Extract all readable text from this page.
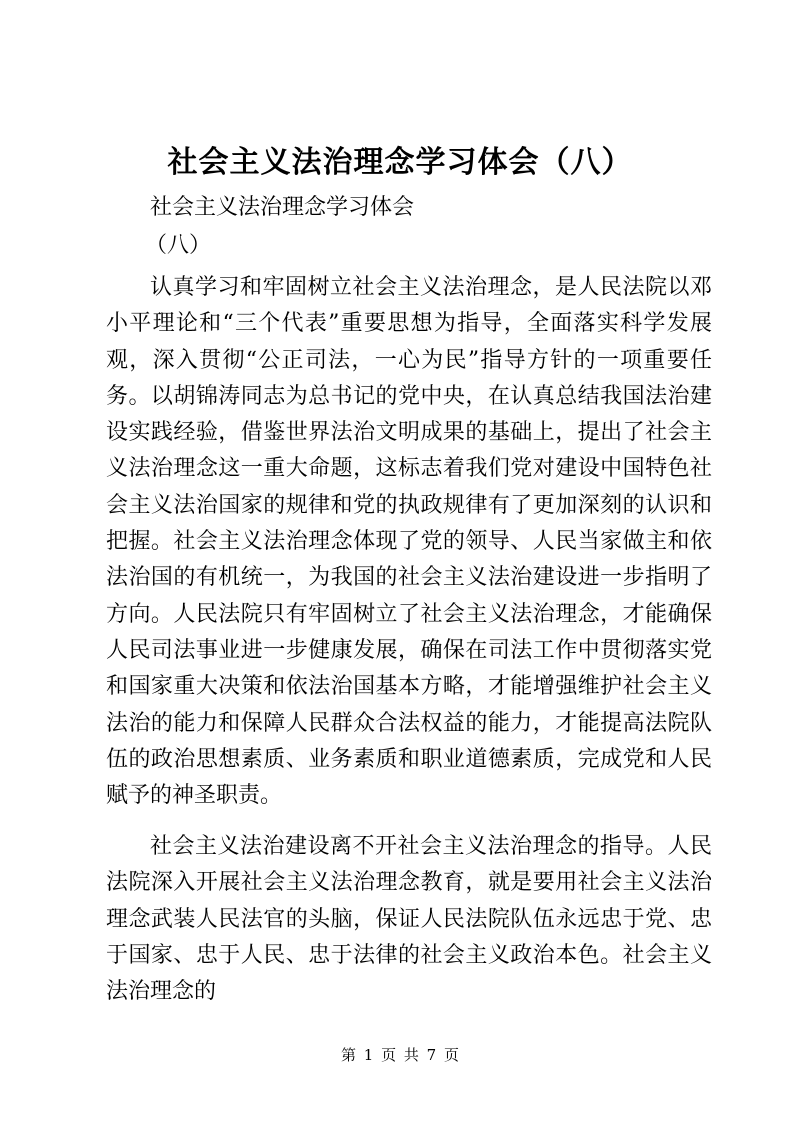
社会主义法治理念学习体会（八）
社会主义法治理念学习体会
（八）

认真学习和牢固树立社会主义法治理念，是人民法院以邓小平理论和“三个代表”重要思想为指导，全面落实科学发展观，深入贯彻“公正司法，一心为民”指导方针的一项重要任务。以胡锦涛同志为总书记的党中央，在认真总结我国法治建设实践经验，借鉴世界法治文明成果的基础上，提出了社会主义法治理念这一重大命题，这标志着我们党对建设中国特色社会主义法治国家的规律和党的执政规律有了更加深刻的认识和把握。社会主义法治理念体现了党的领导、人民当家做主和依法治国的有机统一，为我国的社会主义法治建设进一步指明了方向。人民法院只有牢固树立了社会主义法治理念，才能确保人民司法事业进一步健康发展，确保在司法工作中贯彻落实党和国家重大决策和依法治国基本方略，才能增强维护社会主义法治的能力和保障人民群众合法权益的能力，才能提高法院队伍的政治思想素质、业务素质和职业道德素质，完成党和人民赋予的神圣职责。

社会主义法治建设离不开社会主义法治理念的指导。人民法院深入开展社会主义法治理念教育，就是要用社会主义法治理念武装人民法官的头脑，保证人民法院队伍永远忠于党、忠于国家、忠于人民、忠于法律的社会主义政治本色。社会主义法治理念的

第 1 页 共 7 页
